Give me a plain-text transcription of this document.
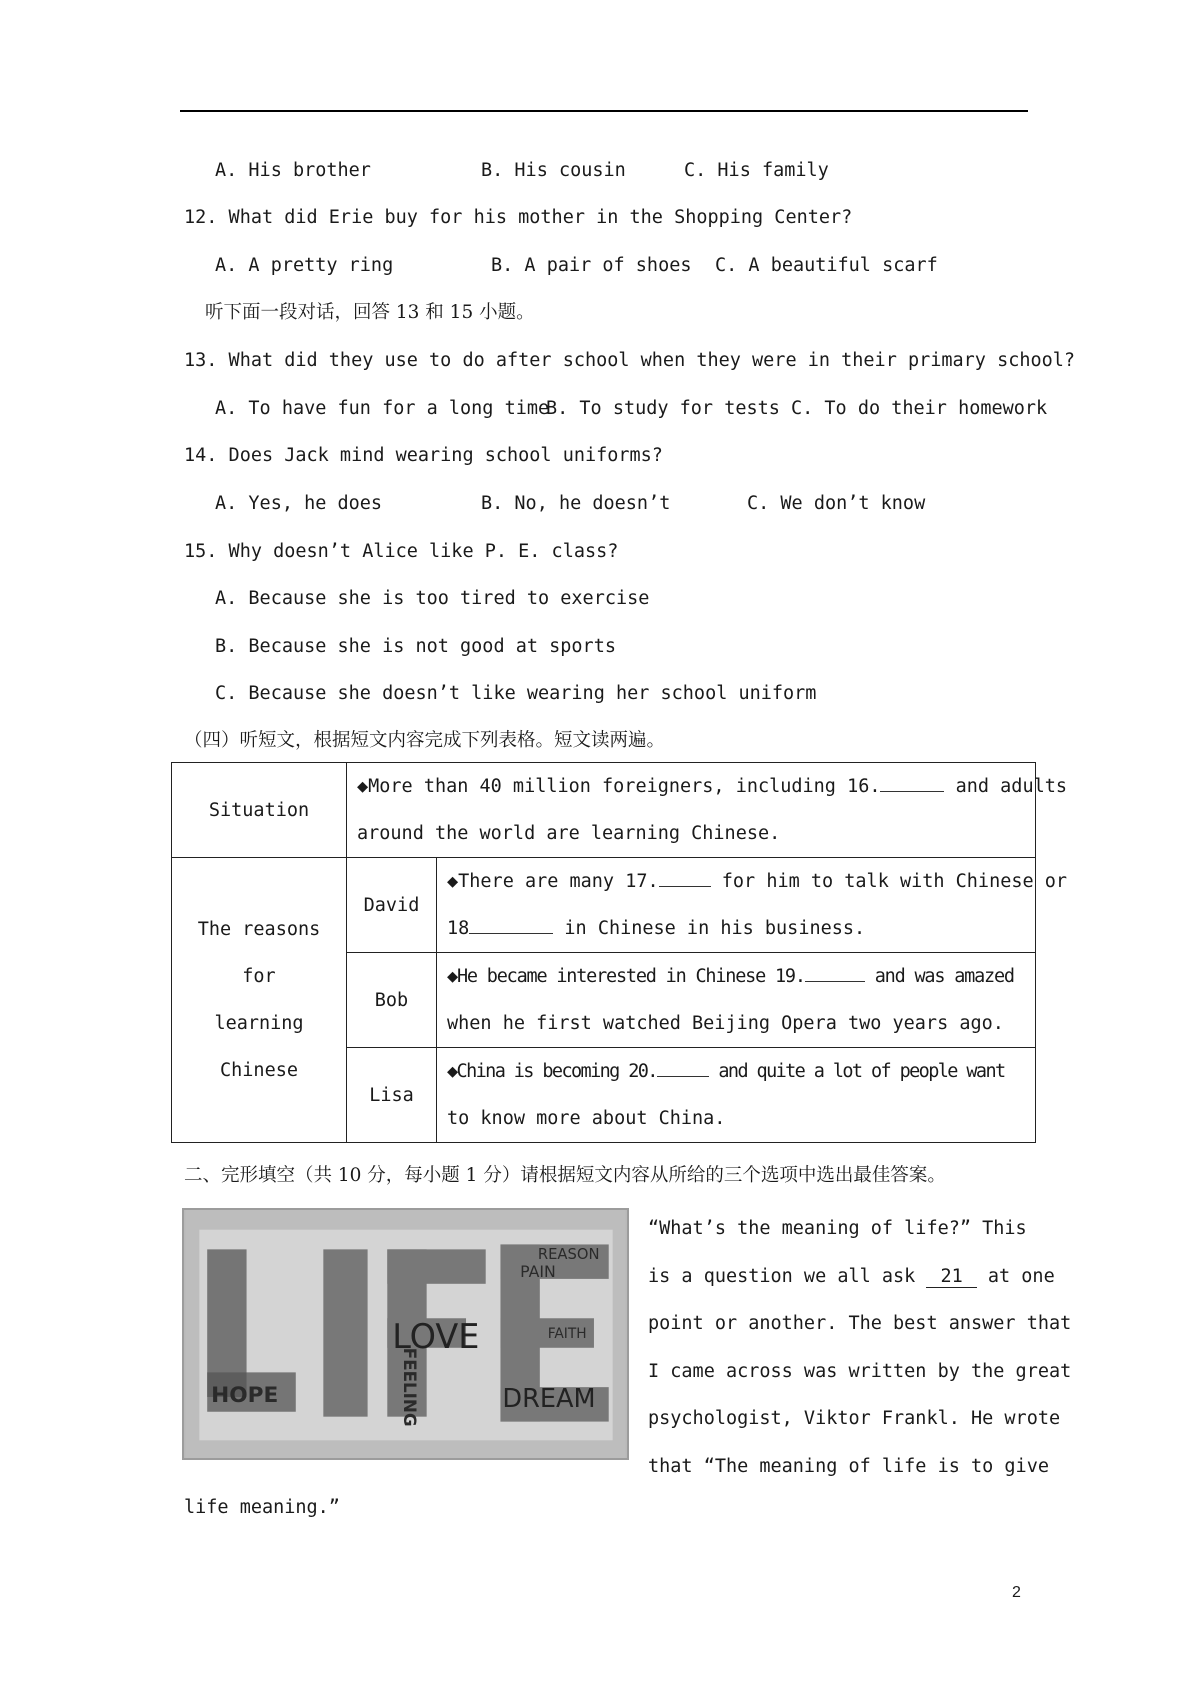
A. His brother	B. His cousin	C. His family
12. What did Erie buy for his mother in the Shopping Center?
A. A pretty ring	B. A pair of shoes C. A beautiful scarf
听下面一段对话，回答 13 和 15 小题。
13. What did they use to do after school when they were in their primary school?
A. To have fun for a long time
B. To study for tests C. To do their homework
14. Does Jack mind wearing school uniforms?
A. Yes, he does	B. No, he doesn’t	C. We don’t know
15. Why doesn’t Alice like P. E. class?
A. Because she is too tired to exercise
B. Because she is not good at sports
C. Because she doesn’t like wearing her school uniform
（四）听短文，根据短文内容完成下列表格。短文读两遍。
Situation	◆More than 40 million foreigners, including 16. and adults
around the world are learning Chinese.	
The reasons for
learning
Chinese	David	◆There are many 17. for him to talk with Chinese or
18 in Chinese in his business.
	Bob	◆He became interested in Chinese 19. and was amazed
when he first watched Beijing Opera two years ago.
	Lisa	◆China is becoming 20. and quite a lot of people want
to know more about China.
二、完形填空（共 10 分，每小题 1 分）请根据短文内容从所给的三个选项中选出最佳答案。
HOPE	FEELING
LOVE
REASON
PAIN
FAITH
DREAM
“What’s the meaning of life?” This
is a question we all ask 21 at one
point or another. The best answer that
I came across was written by the great
psychologist, Viktor Frankl. He wrote
that “The meaning of life is to give
life meaning.”
2
